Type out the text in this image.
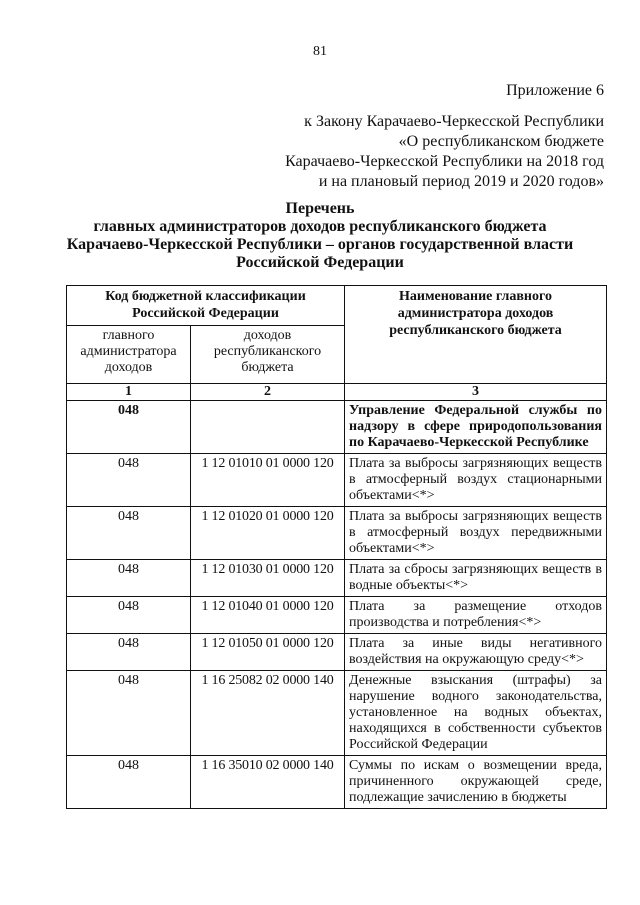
81
Приложение 6
к Закону Карачаево-Черкесской Республики
«О республиканском бюджете
Карачаево-Черкесской Республики на 2018 год
и на плановый период 2019 и 2020 годов»
Перечень
главных администраторов доходов республиканского бюджета
Карачаево-Черкесской Республики – органов государственной власти
Российской Федерации
Код бюджетной классификации Российской Федерации		Наименование главного администратора доходов республиканского бюджета
главного администратора доходов	доходов республиканского бюджета	
1	2	3
048		Управление Федеральной службы по надзору в сфере природопользования по Карачаево-Черкесской Республике
048	1 12 01010 01 0000 120	Плата за выбросы загрязняющих веществ в атмосферный воздух стационарными объектами<*>
048	1 12 01020 01 0000 120	Плата за выбросы загрязняющих веществ в атмосферный воздух передвижными объектами<*>
048	1 12 01030 01 0000 120	Плата за сбросы загрязняющих веществ в водные объекты<*>
048	1 12 01040 01 0000 120	Плата за размещение отходов производства и потребления<*>
048	1 12 01050 01 0000 120	Плата за иные виды негативного воздействия на окружающую среду<*>
048	1 16 25082 02 0000 140	Денежные взыскания (штрафы) за нарушение водного законодательства, установленное на водных объектах, находящихся в собственности субъектов Российской Федерации
048	1 16 35010 02 0000 140	Суммы по искам о возмещении вреда, причиненного окружающей среде, подлежащие зачислению в бюджеты
